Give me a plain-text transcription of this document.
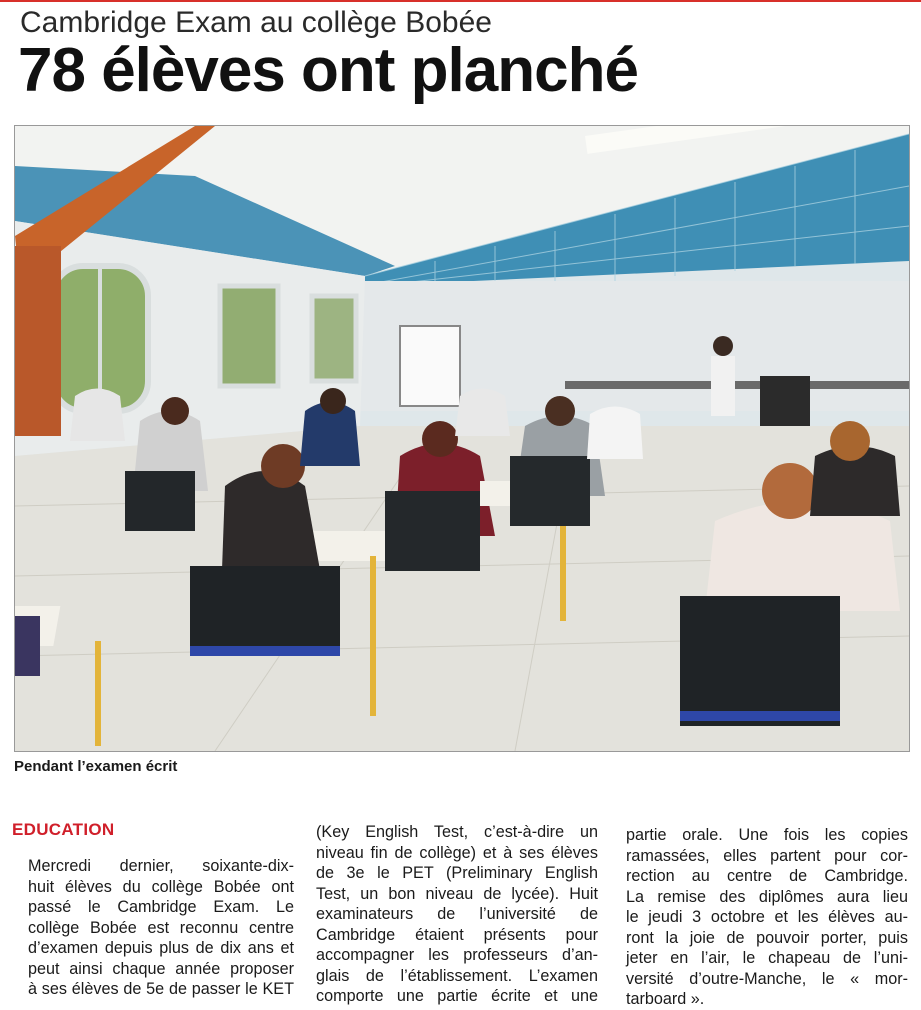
Cambridge Exam au collège Bobée
78 élèves ont planché
Pendant l’examen écrit
EDUCATION
Mercredi dernier, soixante-dix-
huit élèves du collège Bobée ont
passé le Cambridge Exam. Le
collège Bobée est reconnu centre
d’examen depuis plus de dix ans et
peut ainsi chaque année proposer
à ses élèves de 5e de passer le KET
(Key English Test, c’est-à-dire un
niveau fin de collège) et à ses élèves
de 3e le PET (Preliminary English
Test, un bon niveau de lycée). Huit
examinateurs de l’université de
Cambridge étaient présents pour
accompagner les professeurs d’an-
glais de l’établissement. L’examen
comporte une partie écrite et une
partie orale. Une fois les copies
ramassées, elles partent pour cor-
rection au centre de Cambridge.
La remise des diplômes aura lieu
le jeudi 3 octobre et les élèves au-
ront la joie de pouvoir porter, puis
jeter en l’air, le chapeau de l’uni-
versité d’outre-Manche, le « mor-
tarboard ».
